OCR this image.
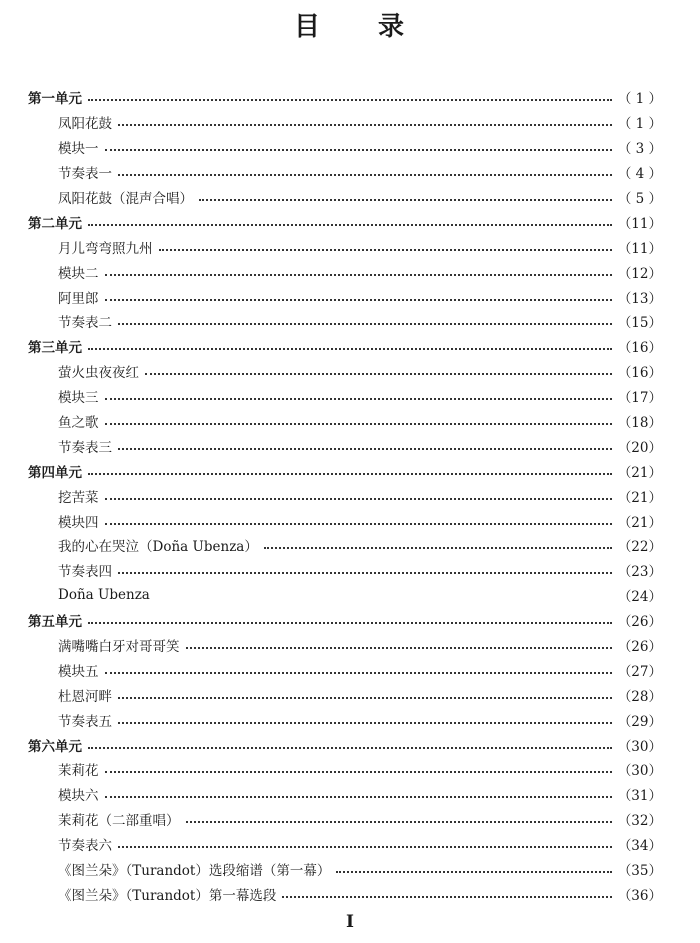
目　　录
第一单元	（ 1 ）
凤阳花鼓	（ 1 ）
模块一	（ 3 ）
节奏表一	（ 4 ）
凤阳花鼓（混声合唱）	（ 5 ）
第二单元	（11）
月儿弯弯照九州	（11）
模块二	（12）
阿里郎	（13）
节奏表二	（15）
第三单元	（16）
萤火虫夜夜红	（16）
模块三	（17）
鱼之歌	（18）
节奏表三	（20）
第四单元	（21）
挖苦菜	（21）
模块四	（21）
我的心在哭泣（Doña Ubenza）	（22）
节奏表四	（23）
Doña Ubenza	（24）
第五单元	（26）
满嘴嘴白牙对哥哥笑	（26）
模块五	（27）
杜恩河畔	（28）
节奏表五	（29）
第六单元	（30）
茉莉花	（30）
模块六	（31）
茉莉花（二部重唱）	（32）
节奏表六	（34）
《图兰朵》（Turandot）选段缩谱（第一幕）	（35）
《图兰朵》（Turandot）第一幕选段	（36）
I
